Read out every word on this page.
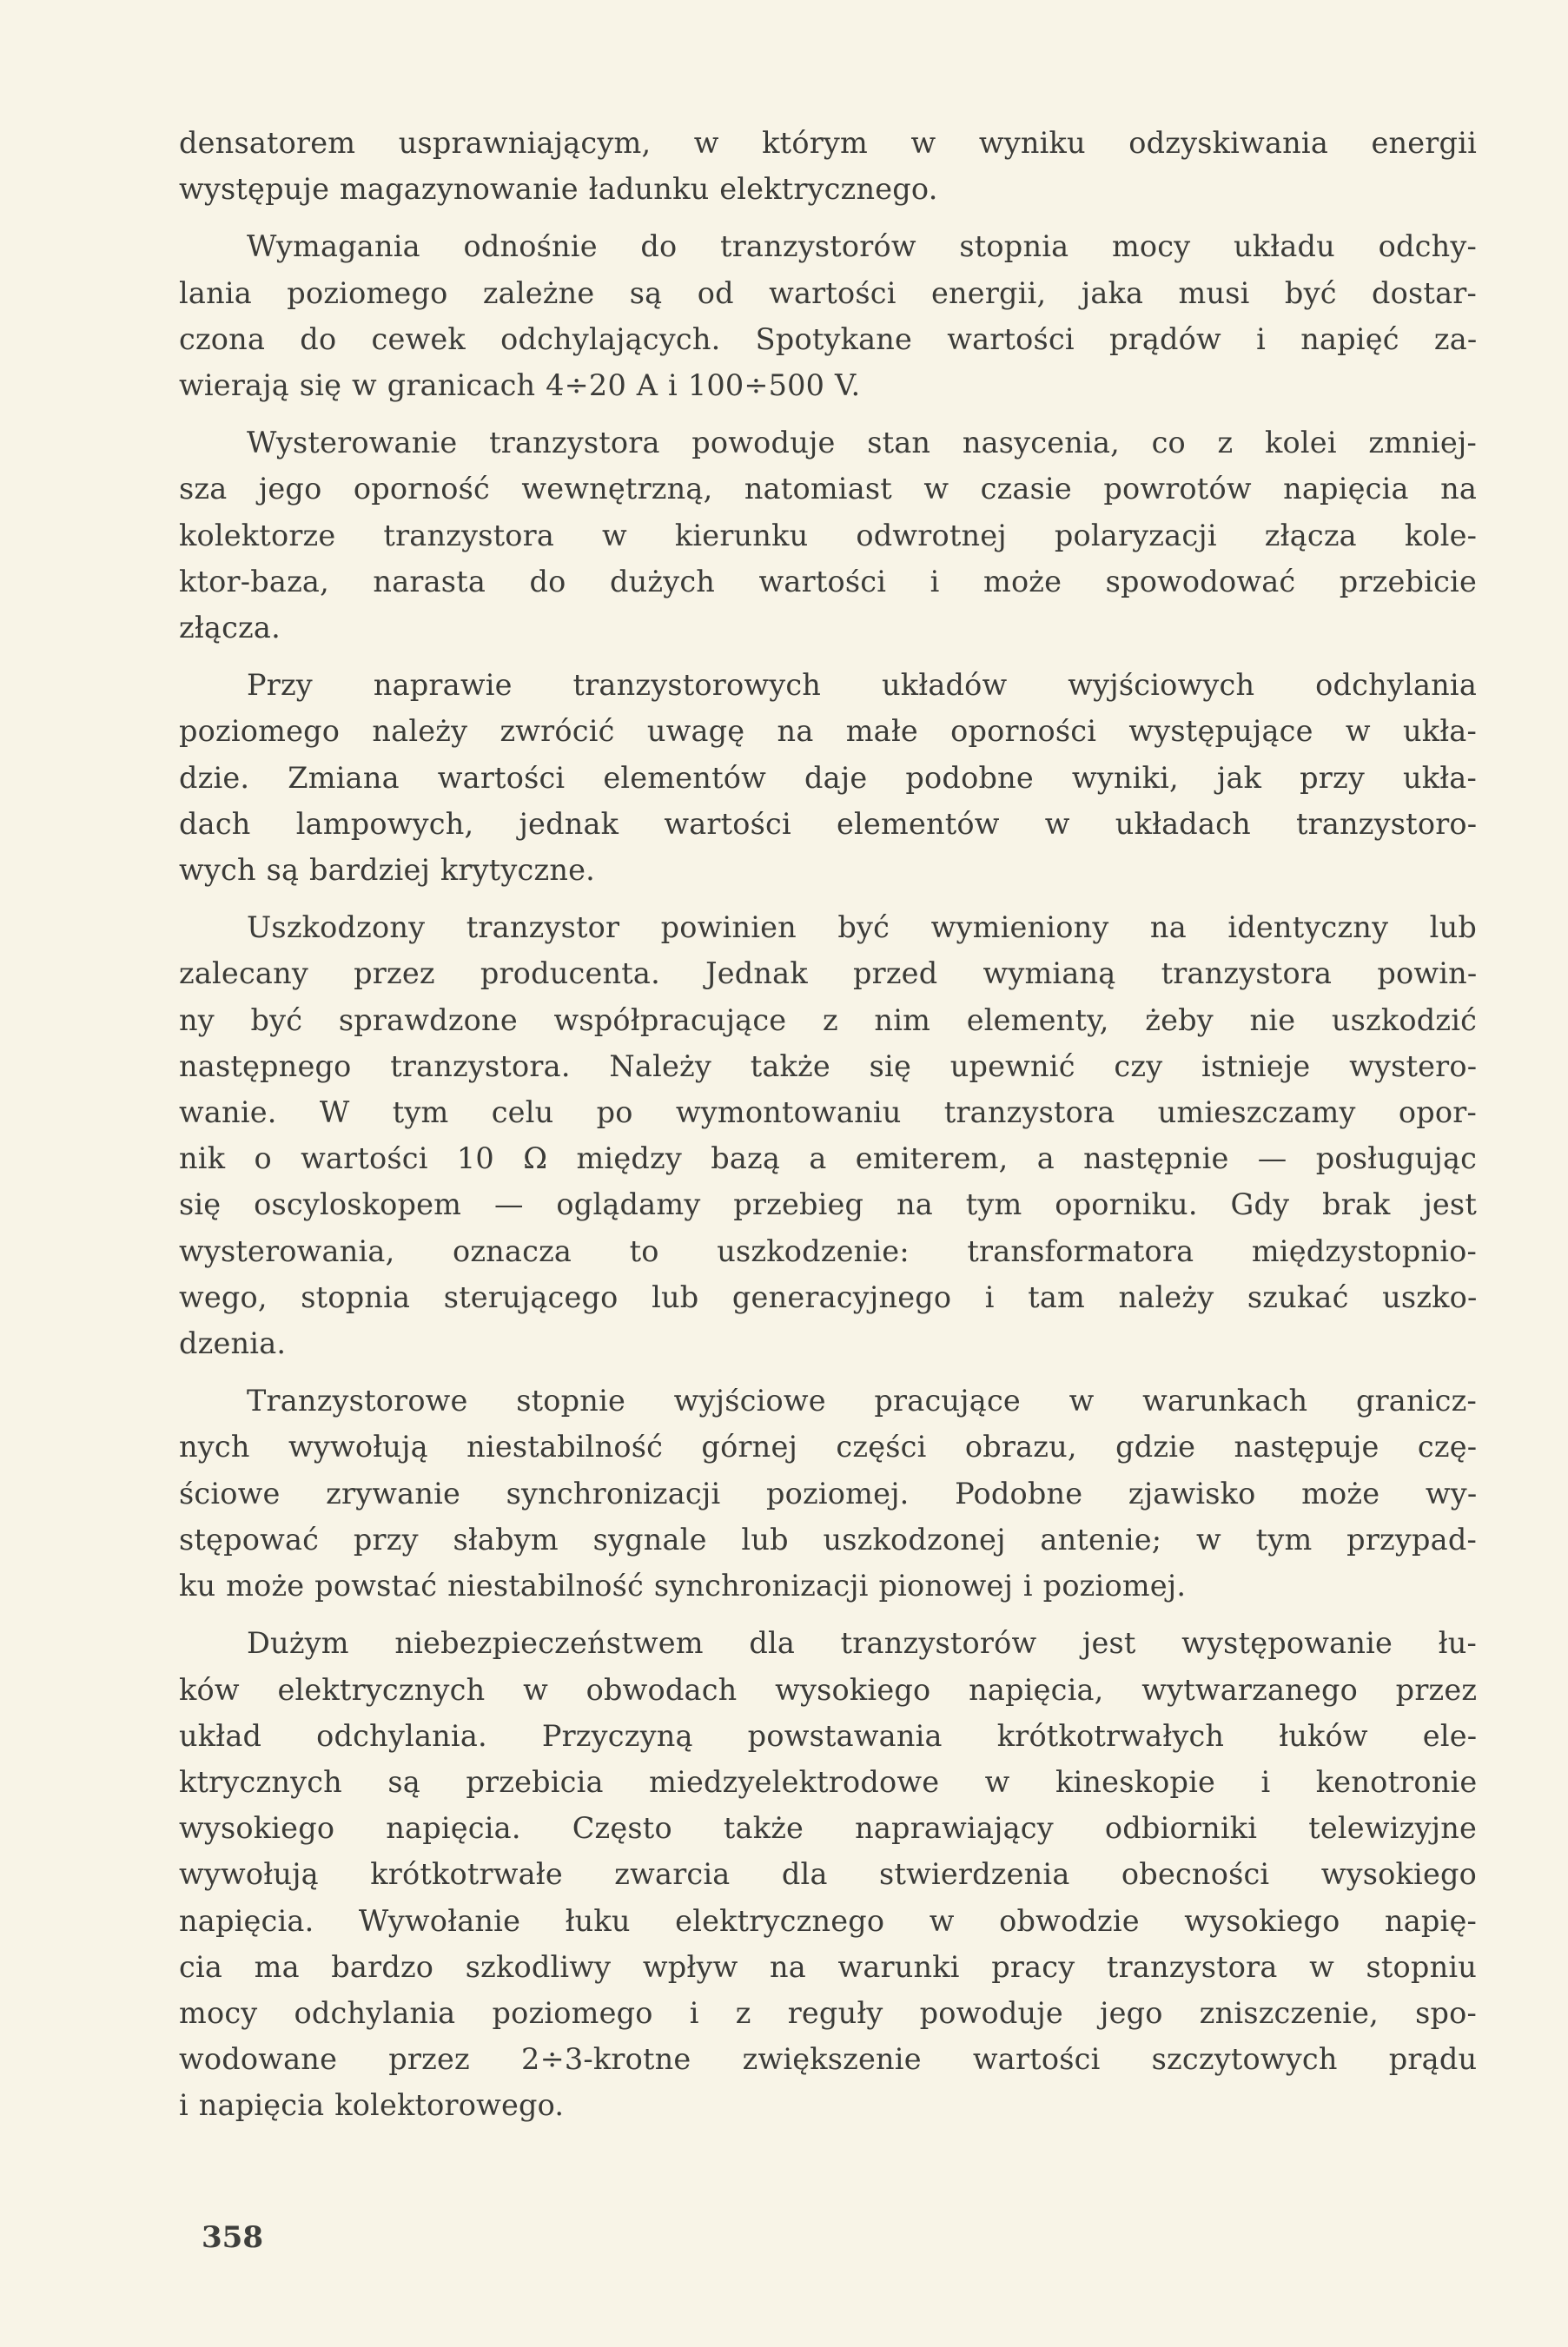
densatorem usprawniającym, w którym w wyniku odzyskiwania energii
występuje magazynowanie ładunku elektrycznego.

Wymagania odnośnie do tranzystorów stopnia mocy układu odchy-
lania poziomego zależne są od wartości energii, jaka musi być dostar-
czona do cewek odchylających. Spotykane wartości prądów i napięć za-
wierają się w granicach 4÷20 A i 100÷500 V.

Wysterowanie tranzystora powoduje stan nasycenia, co z kolei zmniej-
sza jego oporność wewnętrzną, natomiast w czasie powrotów napięcia na
kolektorze tranzystora w kierunku odwrotnej polaryzacji złącza kole-
ktor-baza, narasta do dużych wartości i może spowodować przebicie
złącza.

Przy naprawie tranzystorowych układów wyjściowych odchylania
poziomego należy zwrócić uwagę na małe oporności występujące w ukła-
dzie. Zmiana wartości elementów daje podobne wyniki, jak przy ukła-
dach lampowych, jednak wartości elementów w układach tranzystoro-
wych są bardziej krytyczne.

Uszkodzony tranzystor powinien być wymieniony na identyczny lub
zalecany przez producenta. Jednak przed wymianą tranzystora powin-
ny być sprawdzone współpracujące z nim elementy, żeby nie uszkodzić
następnego tranzystora. Należy także się upewnić czy istnieje wystero-
wanie. W tym celu po wymontowaniu tranzystora umieszczamy opor-
nik o wartości 10 Ω między bazą a emiterem, a następnie — posługując
się oscyloskopem — oglądamy przebieg na tym oporniku. Gdy brak jest
wysterowania, oznacza to uszkodzenie: transformatora międzystopnio-
wego, stopnia sterującego lub generacyjnego i tam należy szukać uszko-
dzenia.

Tranzystorowe stopnie wyjściowe pracujące w warunkach granicz-
nych wywołują niestabilność górnej części obrazu, gdzie następuje czę-
ściowe zrywanie synchronizacji poziomej. Podobne zjawisko może wy-
stępować przy słabym sygnale lub uszkodzonej antenie; w tym przypad-
ku może powstać niestabilność synchronizacji pionowej i poziomej.

Dużym niebezpieczeństwem dla tranzystorów jest występowanie łu-
ków elektrycznych w obwodach wysokiego napięcia, wytwarzanego przez
układ odchylania. Przyczyną powstawania krótkotrwałych łuków ele-
ktrycznych są przebicia miedzyelektrodowe w kineskopie i kenotronie
wysokiego napięcia. Często także naprawiający odbiorniki telewizyjne
wywołują krótkotrwałe zwarcia dla stwierdzenia obecności wysokiego
napięcia. Wywołanie łuku elektrycznego w obwodzie wysokiego napię-
cia ma bardzo szkodliwy wpływ na warunki pracy tranzystora w stopniu
mocy odchylania poziomego i z reguły powoduje jego zniszczenie, spo-
wodowane przez 2÷3-krotne zwiększenie wartości szczytowych prądu
i napięcia kolektorowego.

358
